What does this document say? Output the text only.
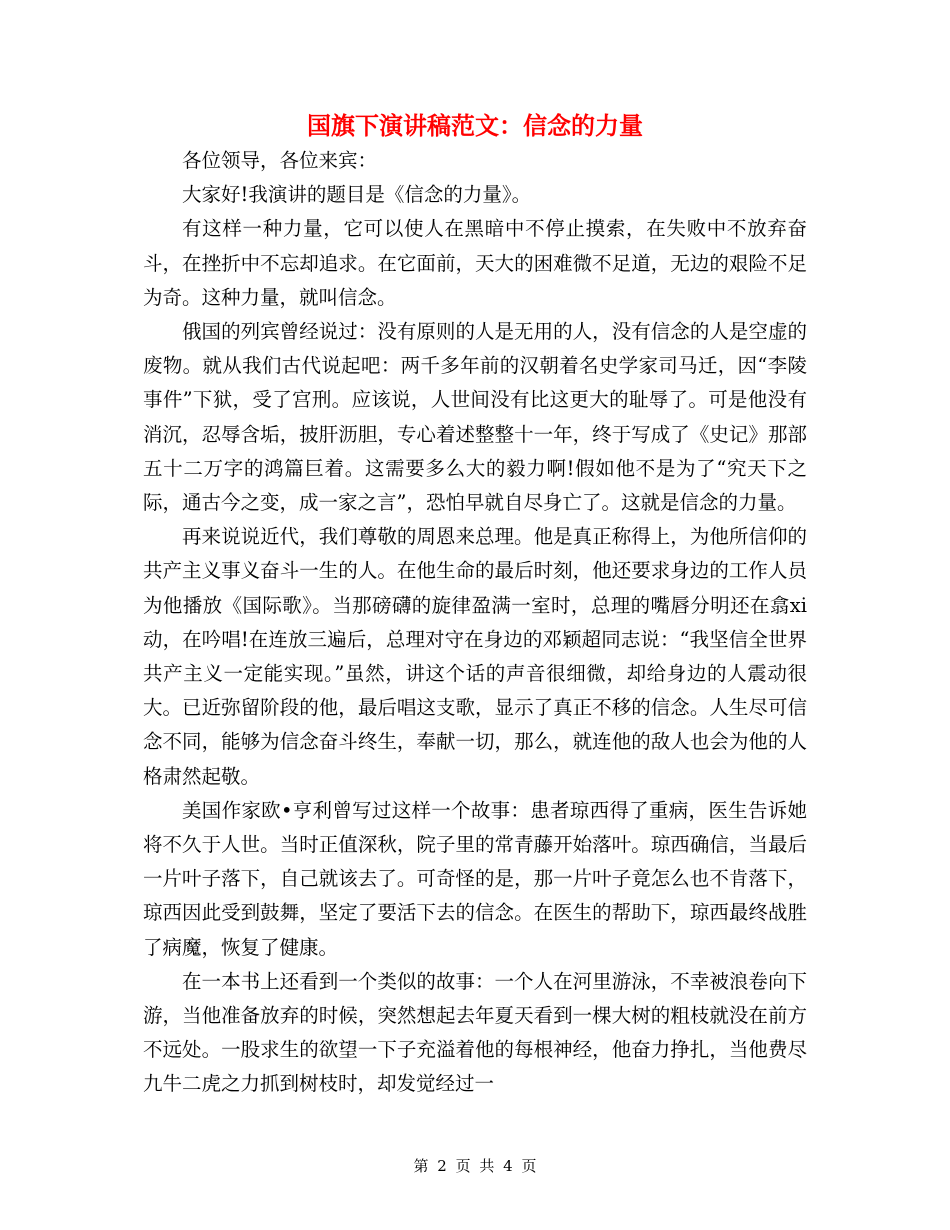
国旗下演讲稿范文：信念的力量

各位领导，各位来宾：

大家好!我演讲的题目是《信念的力量》。

有这样一种力量，它可以使人在黑暗中不停止摸索，在失败中不放弃奋斗，在挫折中不忘却追求。在它面前，天大的困难微不足道，无边的艰险不足为奇。这种力量，就叫信念。

俄国的列宾曾经说过：没有原则的人是无用的人，没有信念的人是空虚的废物。就从我们古代说起吧：两千多年前的汉朝着名史学家司马迁，因“李陵事件”下狱，受了宫刑。应该说，人世间没有比这更大的耻辱了。可是他没有消沉，忍辱含垢，披肝沥胆，专心着述整整十一年，终于写成了《史记》那部五十二万字的鸿篇巨着。这需要多么大的毅力啊!假如他不是为了“究天下之际，通古今之变，成一家之言”，恐怕早就自尽身亡了。这就是信念的力量。

再来说说近代，我们尊敬的周恩来总理。他是真正称得上，为他所信仰的共产主义事义奋斗一生的人。在他生命的最后时刻，他还要求身边的工作人员为他播放《国际歌》。当那磅礴的旋律盈满一室时，总理的嘴唇分明还在翕xi动，在吟唱!在连放三遍后，总理对守在身边的邓颖超同志说：“我坚信全世界共产主义一定能实现。”虽然，讲这个话的声音很细微，却给身边的人震动很大。已近弥留阶段的他，最后唱这支歌，显示了真正不移的信念。人生尽可信念不同，能够为信念奋斗终生，奉献一切，那么，就连他的敌人也会为他的人格肃然起敬。

美国作家欧•亨利曾写过这样一个故事：患者琼西得了重病，医生告诉她将不久于人世。当时正值深秋，院子里的常青藤开始落叶。琼西确信，当最后一片叶子落下，自己就该去了。可奇怪的是，那一片叶子竟怎么也不肯落下，琼西因此受到鼓舞，坚定了要活下去的信念。在医生的帮助下，琼西最终战胜了病魔，恢复了健康。

在一本书上还看到一个类似的故事：一个人在河里游泳，不幸被浪卷向下游，当他准备放弃的时候，突然想起去年夏天看到一棵大树的粗枝就没在前方不远处。一股求生的欲望一下子充溢着他的每根神经，他奋力挣扎，当他费尽九牛二虎之力抓到树枝时，却发觉经过一

第 2 页 共 4 页
